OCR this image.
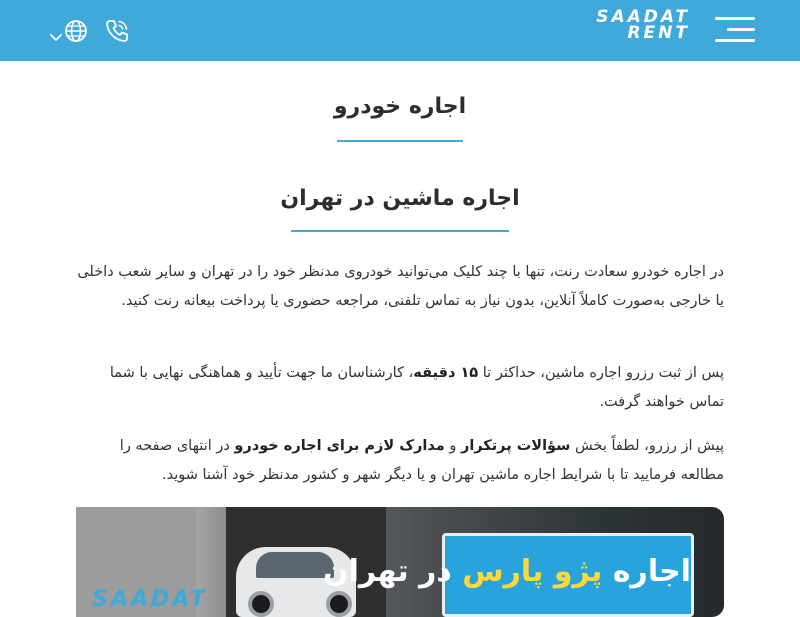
SAADAT
RENT
اجاره خودرو
اجاره ماشین در تهران

در اجاره خودرو سعادت رنت، تنها با چند کلیک می‌توانید خودروی مدنظر خود را در تهران و سایر شعب داخلی یا خارجی به‌صورت کاملاً آنلاین، بدون نیاز به تماس تلفنی، مراجعه حضوری یا پرداخت بیعانه رنت کنید.

پس از ثبت رزرو اجاره ماشین، حداکثر تا ۱۵ دقیقه، کارشناسان ما جهت تأیید و هماهنگی نهایی با شما تماس خواهند گرفت.

پیش از رزرو، لطفاً بخش سؤالات پرتکرار و مدارک لازم برای اجاره خودرو در انتهای صفحه را مطالعه فرمایید تا با شرایط اجاره ماشین تهران و یا دیگر شهر و کشور مدنظر خود آشنا شوید.

اجاره پژو پارس در تهران
SAADAT
